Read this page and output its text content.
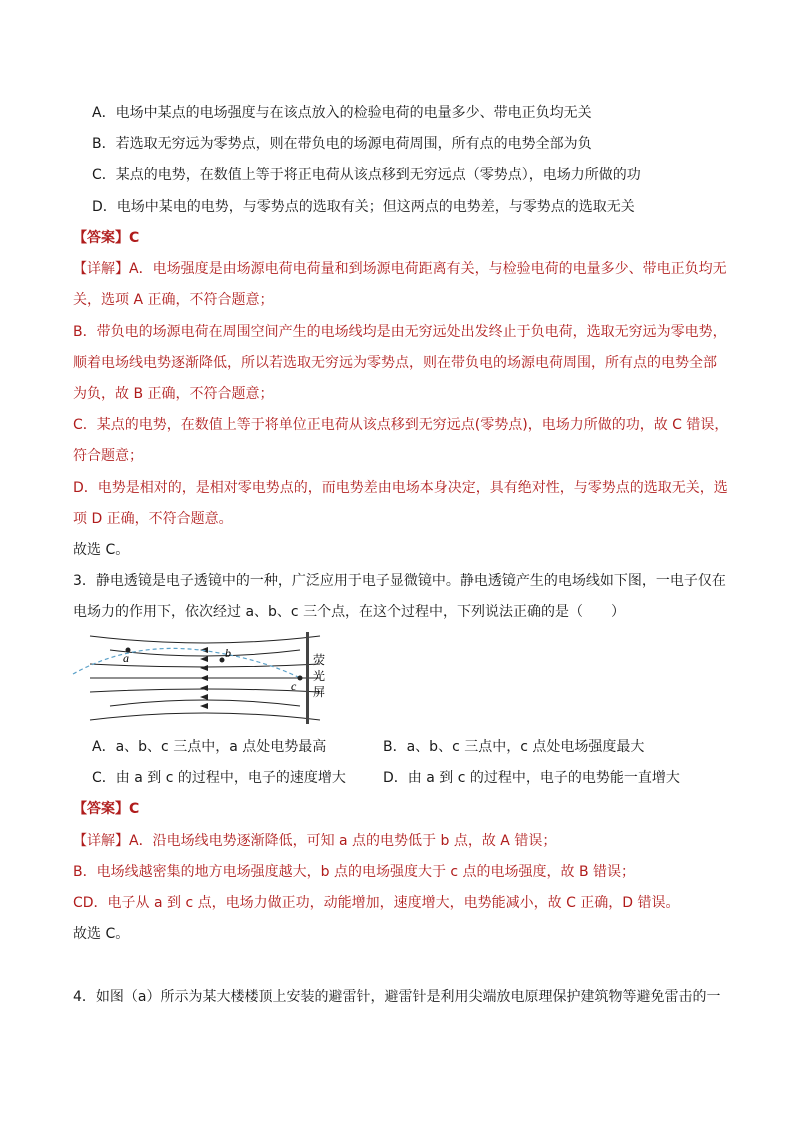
A．电场中某点的电场强度与在该点放入的检验电荷的电量多少、带电正负均无关
B．若选取无穷远为零势点，则在带负电的场源电荷周围，所有点的电势全部为负
C．某点的电势，在数值上等于将正电荷从该点移到无穷远点（零势点），电场力所做的功
D．电场中某电的电势，与零势点的选取有关；但这两点的电势差，与零势点的选取无关
【答案】C
【详解】A．电场强度是由场源电荷电荷量和到场源电荷距离有关，与检验电荷的电量多少、带电正负均无
关，选项 A 正确，不符合题意；
B．带负电的场源电荷在周围空间产生的电场线均是由无穷远处出发终止于负电荷，选取无穷远为零电势，
顺着电场线电势逐渐降低，所以若选取无穷远为零势点，则在带负电的场源电荷周围，所有点的电势全部
为负，故 B 正确，不符合题意；
C．某点的电势，在数值上等于将单位正电荷从该点移到无穷远点(零势点)，电场力所做的功，故 C 错误，
符合题意；
D．电势是相对的，是相对零电势点的，而电势差由电场本身决定，具有绝对性，与零势点的选取无关，选
项 D 正确，不符合题意。
故选 C。
3．静电透镜是电子透镜中的一种，广泛应用于电子显微镜中。静电透镜产生的电场线如下图，一电子仅在
电场力的作用下，依次经过 a、b、c 三个点，在这个过程中，下列说法正确的是（　　）
a	b
c
荧
光
屏
A．a、b、c 三点中，a 点处电势最高	B．a、b、c 三点中，c 点处电场强度最大
C．由 a 到 c 的过程中，电子的速度增大	D．由 a 到 c 的过程中，电子的电势能一直增大
【答案】C
【详解】A．沿电场线电势逐渐降低，可知 a 点的电势低于 b 点，故 A 错误；
B．电场线越密集的地方电场强度越大，b 点的电场强度大于 c 点的电场强度，故 B 错误；
CD．电子从 a 到 c 点，电场力做正功，动能增加，速度增大，电势能减小，故 C 正确，D 错误。
故选 C。
4．如图（a）所示为某大楼楼顶上安装的避雷针，避雷针是利用尖端放电原理保护建筑物等避免雷击的一
